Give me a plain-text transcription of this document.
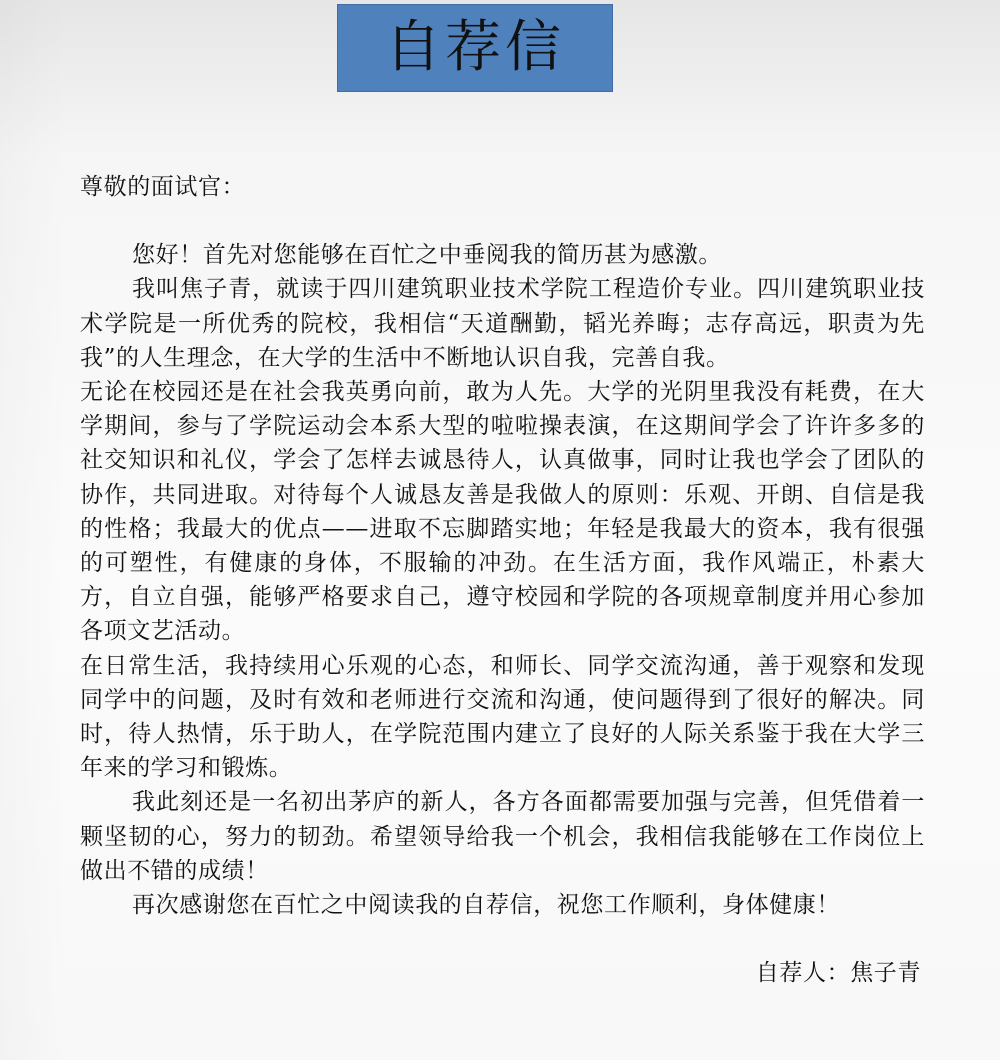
自荐信

尊敬的面试官：

您好！首先对您能够在百忙之中垂阅我的简历甚为感激。

我叫焦子青，就读于四川建筑职业技术学院工程造价专业。四川建筑职业技术学院是一所优秀的院校，我相信“天道酬勤，韬光养晦；志存高远，职责为先我”的人生理念，在大学的生活中不断地认识自我，完善自我。

无论在校园还是在社会我英勇向前，敢为人先。大学的光阴里我没有耗费，在大学期间，参与了学院运动会本系大型的啦啦操表演，在这期间学会了许许多多的社交知识和礼仪，学会了怎样去诚恳待人，认真做事，同时让我也学会了团队的协作，共同进取。对待每个人诚恳友善是我做人的原则：乐观、开朗、自信是我的性格；我最大的优点——进取不忘脚踏实地；年轻是我最大的资本，我有很强的可塑性，有健康的身体，不服输的冲劲。在生活方面，我作风端正，朴素大方，自立自强，能够严格要求自己，遵守校园和学院的各项规章制度并用心参加各项文艺活动。

在日常生活，我持续用心乐观的心态，和师长、同学交流沟通，善于观察和发现同学中的问题，及时有效和老师进行交流和沟通，使问题得到了很好的解决。同时，待人热情，乐于助人，在学院范围内建立了良好的人际关系鉴于我在大学三年来的学习和锻炼。

我此刻还是一名初出茅庐的新人，各方各面都需要加强与完善，但凭借着一颗坚韧的心，努力的韧劲。希望领导给我一个机会，我相信我能够在工作岗位上做出不错的成绩！

再次感谢您在百忙之中阅读我的自荐信，祝您工作顺利，身体健康！

自荐人：焦子青
